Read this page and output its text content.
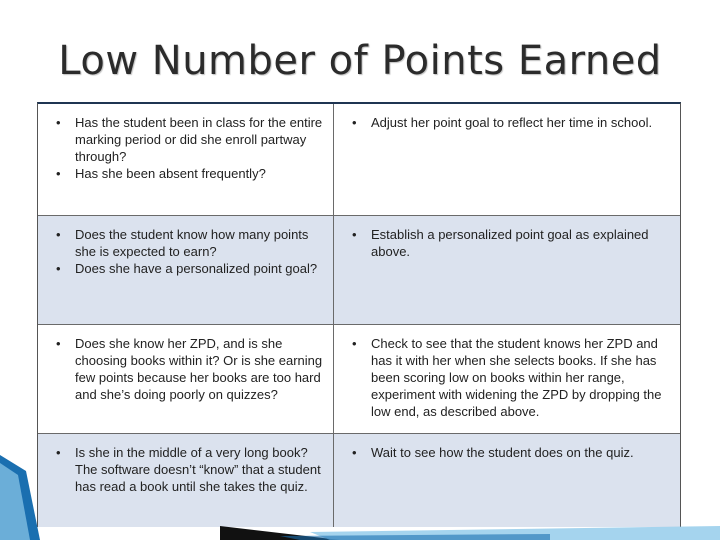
Low Number of Points Earned
• Has the student been in class for the entire marking period or did she enroll partway through?
• Has she been absent frequently?
• Adjust her point goal to reflect her time in school.
• Does the student know how many points she is expected to earn?
• Does she have a personalized point goal?
• Establish a personalized point goal as explained above.
• Does she know her ZPD, and is she choosing books within it? Or is she earning few points because her books are too hard and she’s doing poorly on quizzes?
• Check to see that the student knows her ZPD and has it with her when she selects books. If she has been scoring low on books within her range, experiment with widening the ZPD by dropping the low end, as described above.
• Is she in the middle of a very long book? The software doesn’t “know” that a student has read a book until she takes the quiz.
• Wait to see how the student does on the quiz.
